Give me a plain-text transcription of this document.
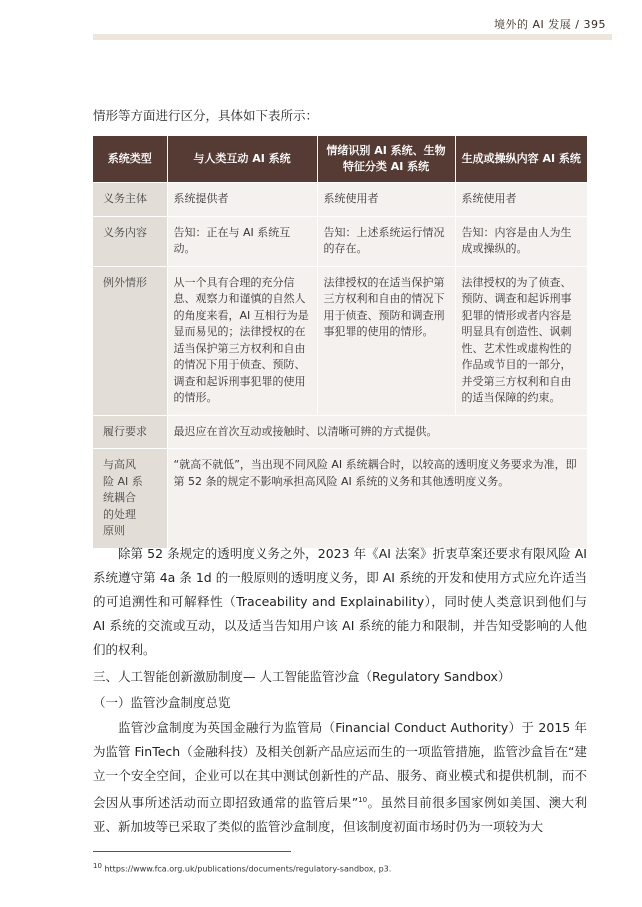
境外的 AI 发展 / 395
情形等方面进行区分，具体如下表所示：
系统类型	与人类互动 AI 系统	情绪识别 AI 系统、生物特征分类 AI 系统	生成或操纵内容 AI 系统
义务主体	系统提供者	系统使用者	系统使用者
义务内容	告知：正在与 AI 系统互动。	告知：上述系统运行情况的存在。	告知：内容是由人为生成或操纵的。
例外情形	从一个具有合理的充分信息、观察力和谨慎的自然人的角度来看，AI 互相行为是显而易见的；法律授权的在适当保护第三方权利和自由的情况下用于侦查、预防、调查和起诉刑事犯罪的使用的情形。	法律授权的在适当保护第三方权利和自由的情况下用于侦查、预防和调查刑事犯罪的使用的情形。	法律授权的为了侦查、预防、调查和起诉刑事犯罪的情形或者内容是明显具有创造性、讽刺性、艺术性或虚构性的作品或节目的一部分，并受第三方权利和自由的适当保障的约束。
履行要求	最迟应在首次互动或接触时、以清晰可辨的方式提供。		
与高风险 AI 系统耦合的处理原则	“就高不就低”，当出现不同风险 AI 系统耦合时，以较高的透明度义务要求为准，即第 52 条的规定不影响承担高风险 AI 系统的义务和其他透明度义务。		
除第 52 条规定的透明度义务之外，2023 年《AI 法案》折衷草案还要求有限风险 AI 系统遵守第 4a 条 1d 的一般原则的透明度义务，即 AI 系统的开发和使用方式应允许适当的可追溯性和可解释性（Traceability and Explainability），同时使人类意识到他们与 AI 系统的交流或互动，以及适当告知用户该 AI 系统的能力和限制，并告知受影响的人他们的权利。
三、人工智能创新激励制度— 人工智能监管沙盒（Regulatory Sandbox）
（一）监管沙盒制度总览
监管沙盒制度为英国金融行为监管局（Financial Conduct Authority）于 2015 年为监管 FinTech（金融科技）及相关创新产品应运而生的一项监管措施，监管沙盒旨在“建立一个安全空间，企业可以在其中测试创新性的产品、服务、商业模式和提供机制，而不会因从事所述活动而立即招致通常的监管后果”$^{10}$。虽然目前很多国家例如美国、澳大利亚、新加坡等已采取了类似的监管沙盒制度，但该制度初面市场时仍为一项较为大
$^{10}$ https://www.fca.org.uk/publications/documents/regulatory-sandbox, p3.
